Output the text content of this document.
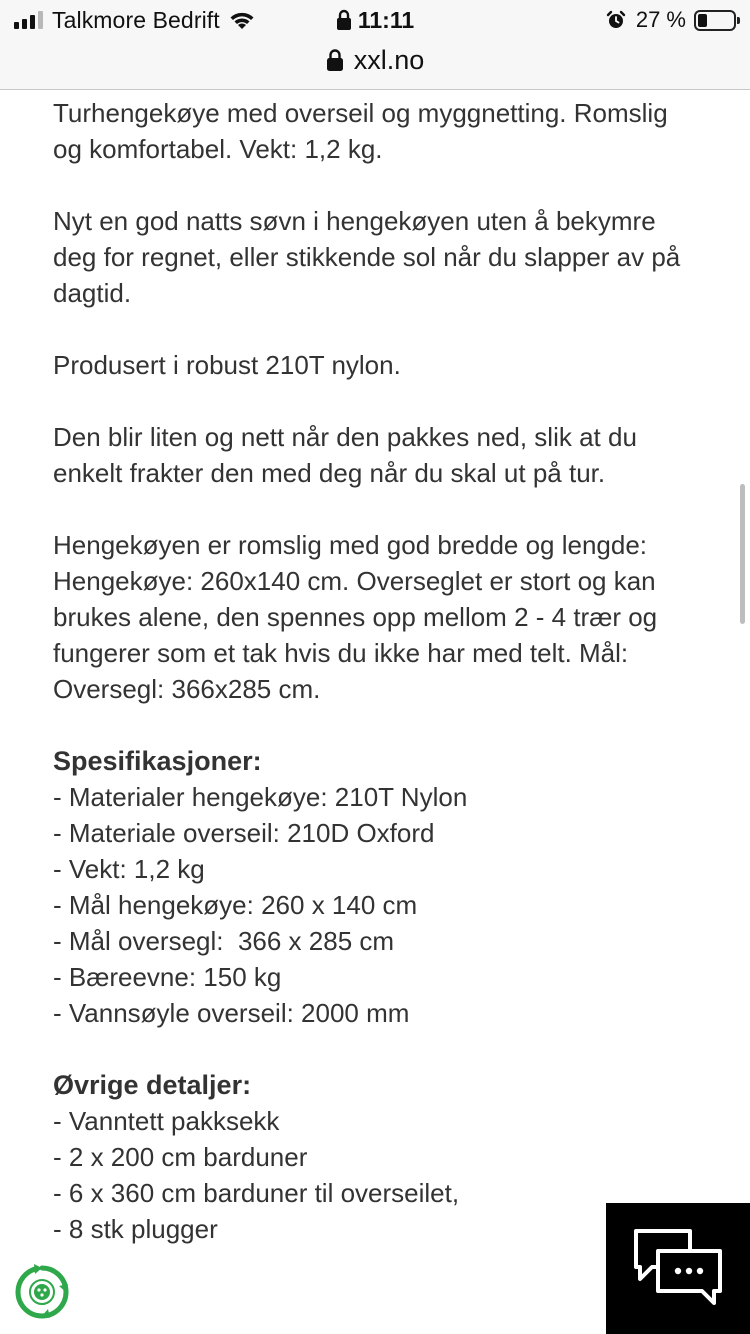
Talkmore Bedrift	11:11	27 %
xxl.no

Turhengekøye med overseil og myggnetting. Romslig og komfortabel. Vekt: 1,2 kg.

Nyt en god natts søvn i hengekøyen uten å bekymre deg for regnet, eller stikkende sol når du slapper av på dagtid.

Produsert i robust 210T nylon.

Den blir liten og nett når den pakkes ned, slik at du enkelt frakter den med deg når du skal ut på tur.

Hengekøyen er romslig med god bredde og lengde: Hengekøye: 260x140 cm. Overseglet er stort og kan brukes alene, den spennes opp mellom 2 - 4 trær og fungerer som et tak hvis du ikke har med telt. Mål: Oversegl: 366x285 cm.

Spesifikasjoner:
- Materialer hengekøye: 210T Nylon
- Materiale overseil: 210D Oxford
- Vekt: 1,2 kg
- Mål hengekøye: 260 x 140 cm
- Mål oversegl:  366 x 285 cm
- Bæreevne: 150 kg
- Vannsøyle overseil: 2000 mm
Øvrige detaljer:
- Vanntett pakksekk
- 2 x 200 cm barduner
- 6 x 360 cm barduner til overseilet,
- 8 stk plugger
